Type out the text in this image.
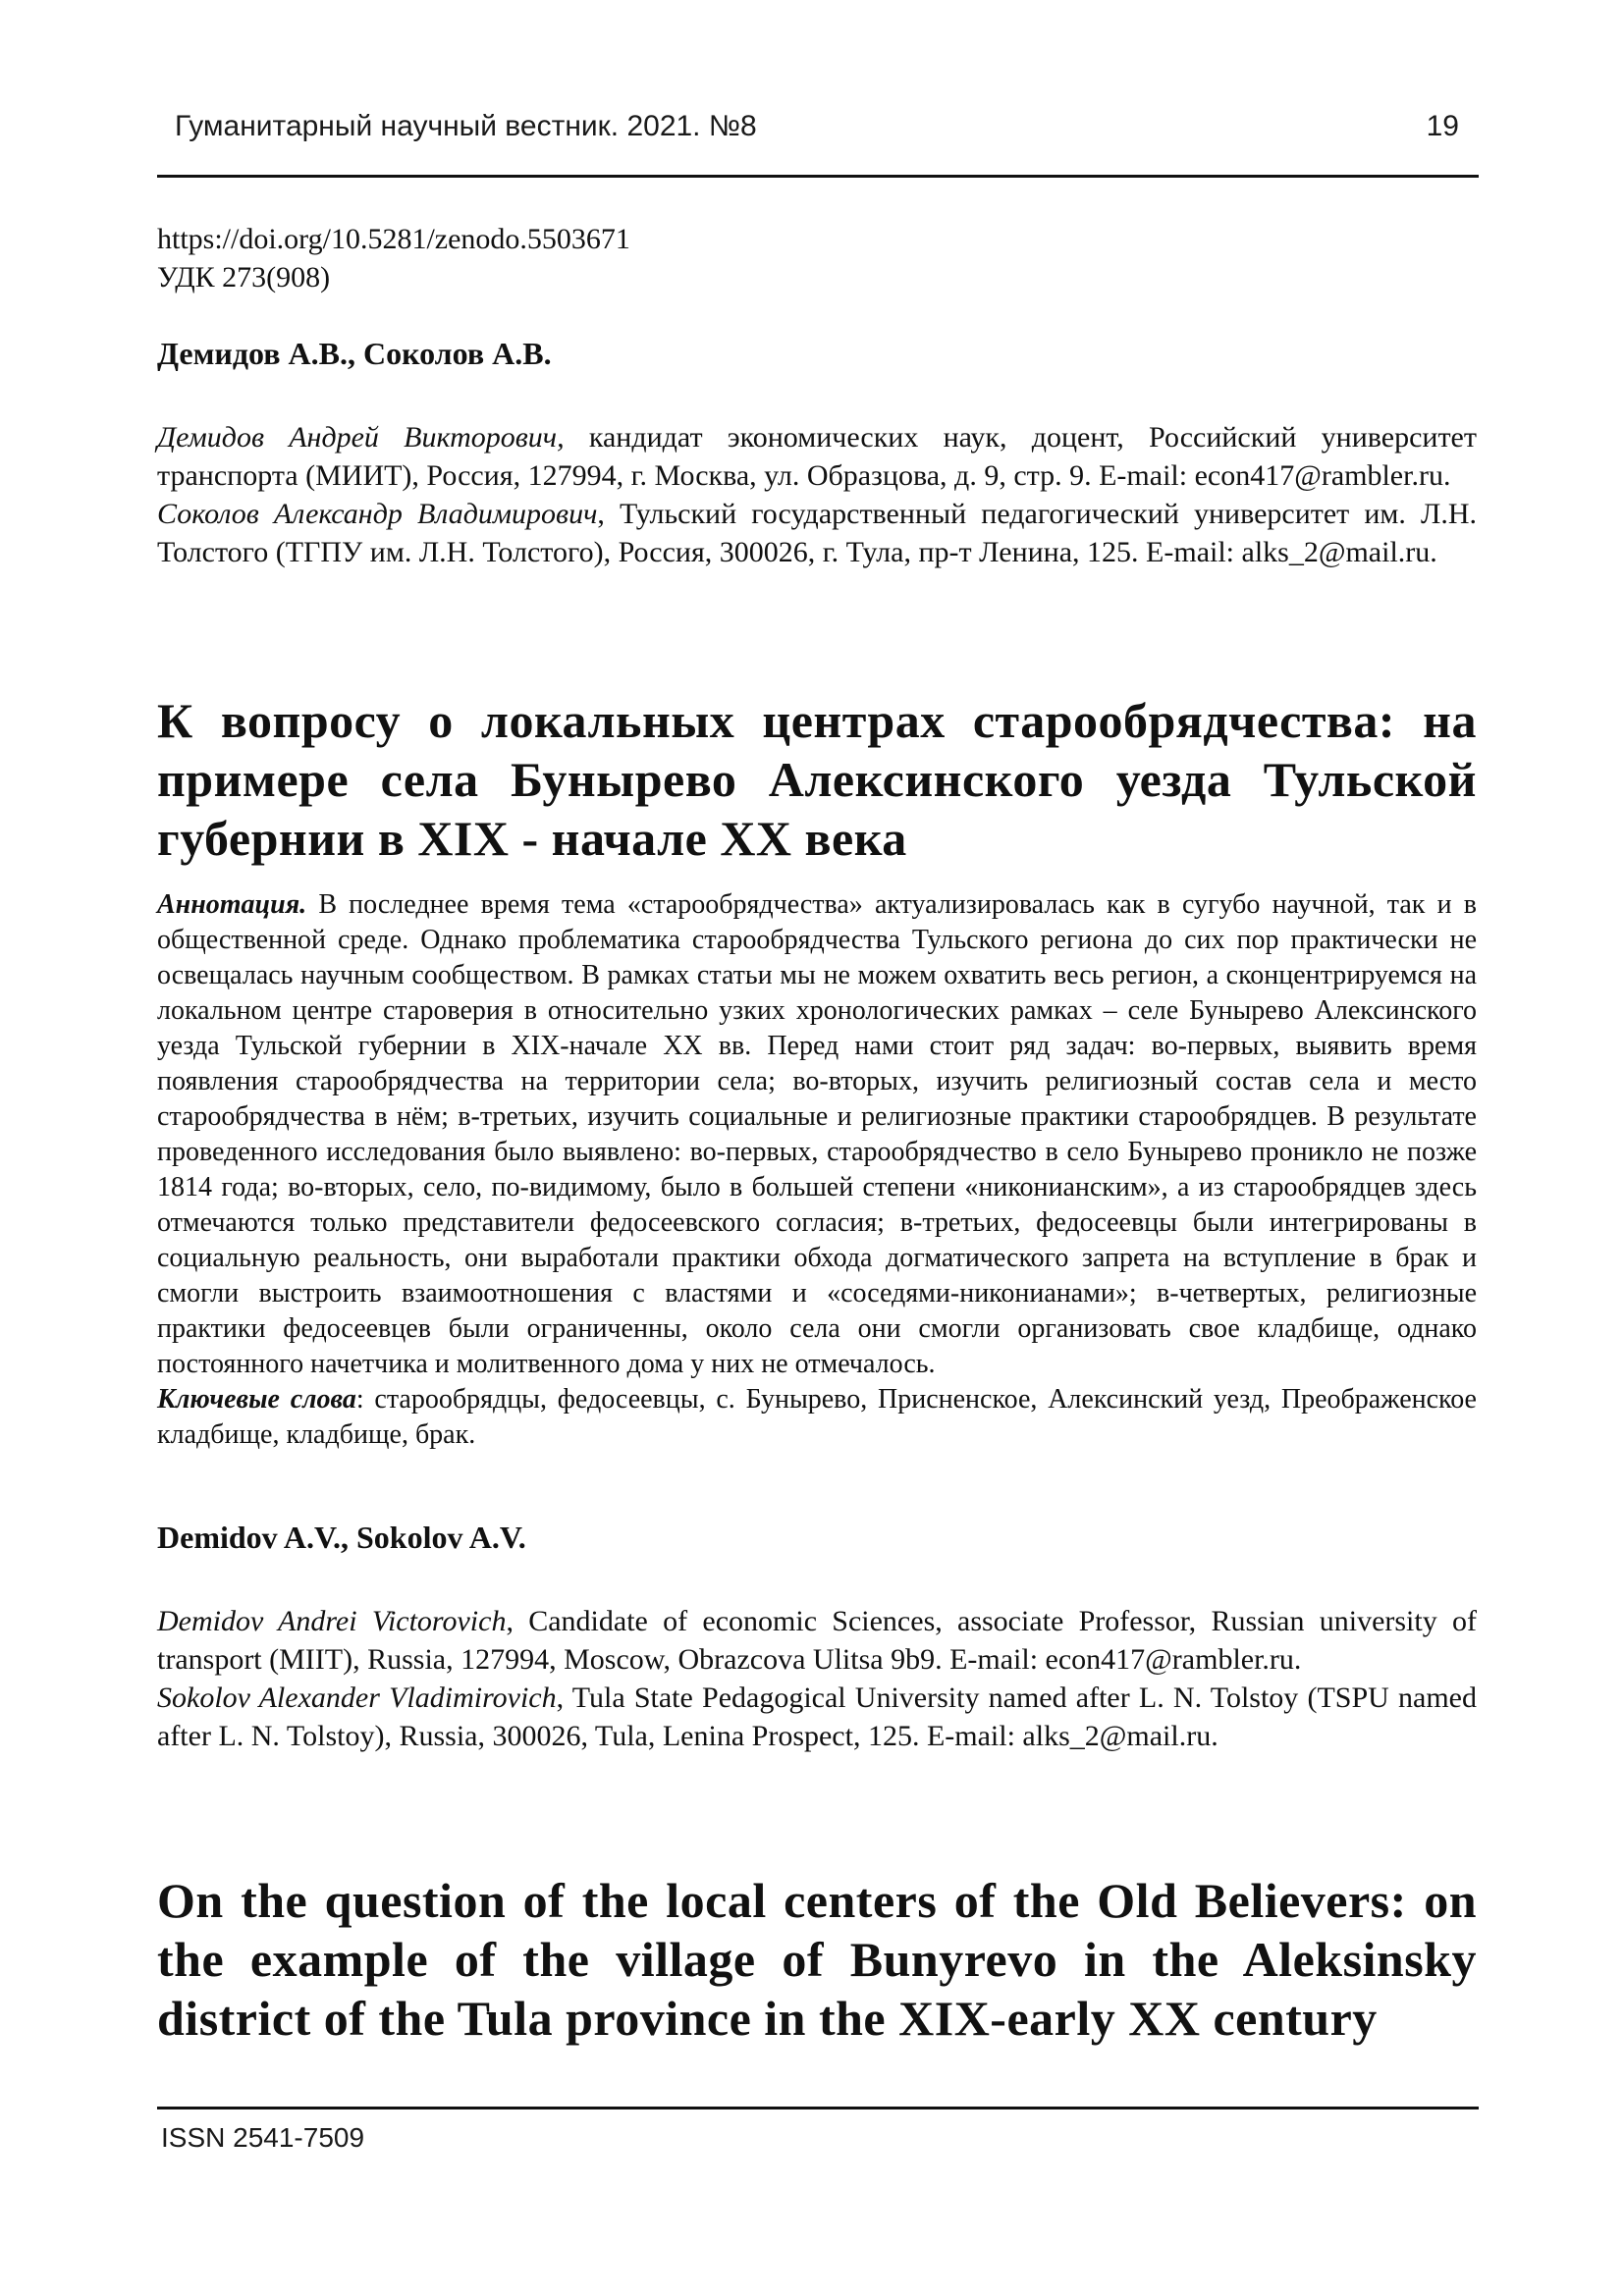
Гуманитарный научный вестник. 2021. №8	19
https://doi.org/10.5281/zenodo.5503671
УДК 273(908)
Демидов А.В., Соколов А.В.

Демидов Андрей Викторович, кандидат экономических наук, доцент, Российский университет транспорта (МИИТ), Россия, 127994, г. Москва, ул. Образцова, д. 9, стр. 9. E-mail: econ417@rambler.ru.

Соколов Александр Владимирович, Тульский государственный педагогический университет им. Л.Н. Толстого (ТГПУ им. Л.Н. Толстого), Россия, 300026, г. Тула, пр-т Ленина, 125. E-mail: alks_2@mail.ru.

К вопросу о локальных центрах старообрядчества: на примере села Бунырево Алексинского уезда Тульской губернии в XIX - начале XX века

Аннотация. В последнее время тема «старообрядчества» актуализировалась как в сугубо научной, так и в общественной среде. Однако проблематика старообрядчества Тульского региона до сих пор практически не освещалась научным сообществом. В рамках статьи мы не можем охватить весь регион, а сконцентрируемся на локальном центре староверия в относительно узких хронологических рамках – селе Бунырево Алексинского уезда Тульской губернии в XIX-начале XX вв. Перед нами стоит ряд задач: во-первых, выявить время появления старообрядчества на территории села; во-вторых, изучить религиозный состав села и место старообрядчества в нём; в-третьих, изучить социальные и религиозные практики старообрядцев. В результате проведенного исследования было выявлено: во-первых, старообрядчество в село Бунырево проникло не позже 1814 года; во-вторых, село, по-видимому, было в большей степени «никонианским», а из старообрядцев здесь отмечаются только представители федосеевского согласия; в-третьих, федосеевцы были интегрированы в социальную реальность, они выработали практики обхода догматического запрета на вступление в брак и смогли выстроить взаимоотношения с властями и «соседями-никонианами»; в-четвертых, религиозные практики федосеевцев были ограниченны, около села они смогли организовать свое кладбище, однако постоянного начетчика и молитвенного дома у них не отмечалось.

Ключевые слова: старообрядцы, федосеевцы, с. Бунырево, Присненское, Алексинский уезд, Преображенское кладбище, кладбище, брак.

Demidov A.V., Sokolov A.V.

Demidov Andrei Victorovich, Candidate of economic Sciences, associate Professor, Russian university of transport (MIIT), Russia, 127994, Moscow, Obrazcova Ulitsa 9b9. E-mail: econ417@rambler.ru.

Sokolov Alexander Vladimirovich, Tula State Pedagogical University named after L. N. Tolstoy (TSPU named after L. N. Tolstoy), Russia, 300026, Tula, Lenina Prospect, 125. E-mail: alks_2@mail.ru.

On the question of the local centers of the Old Believers: on the example of the village of Bunyrevo in the Aleksinsky district of the Tula province in the XIX-early XX century
ISSN 2541-7509
